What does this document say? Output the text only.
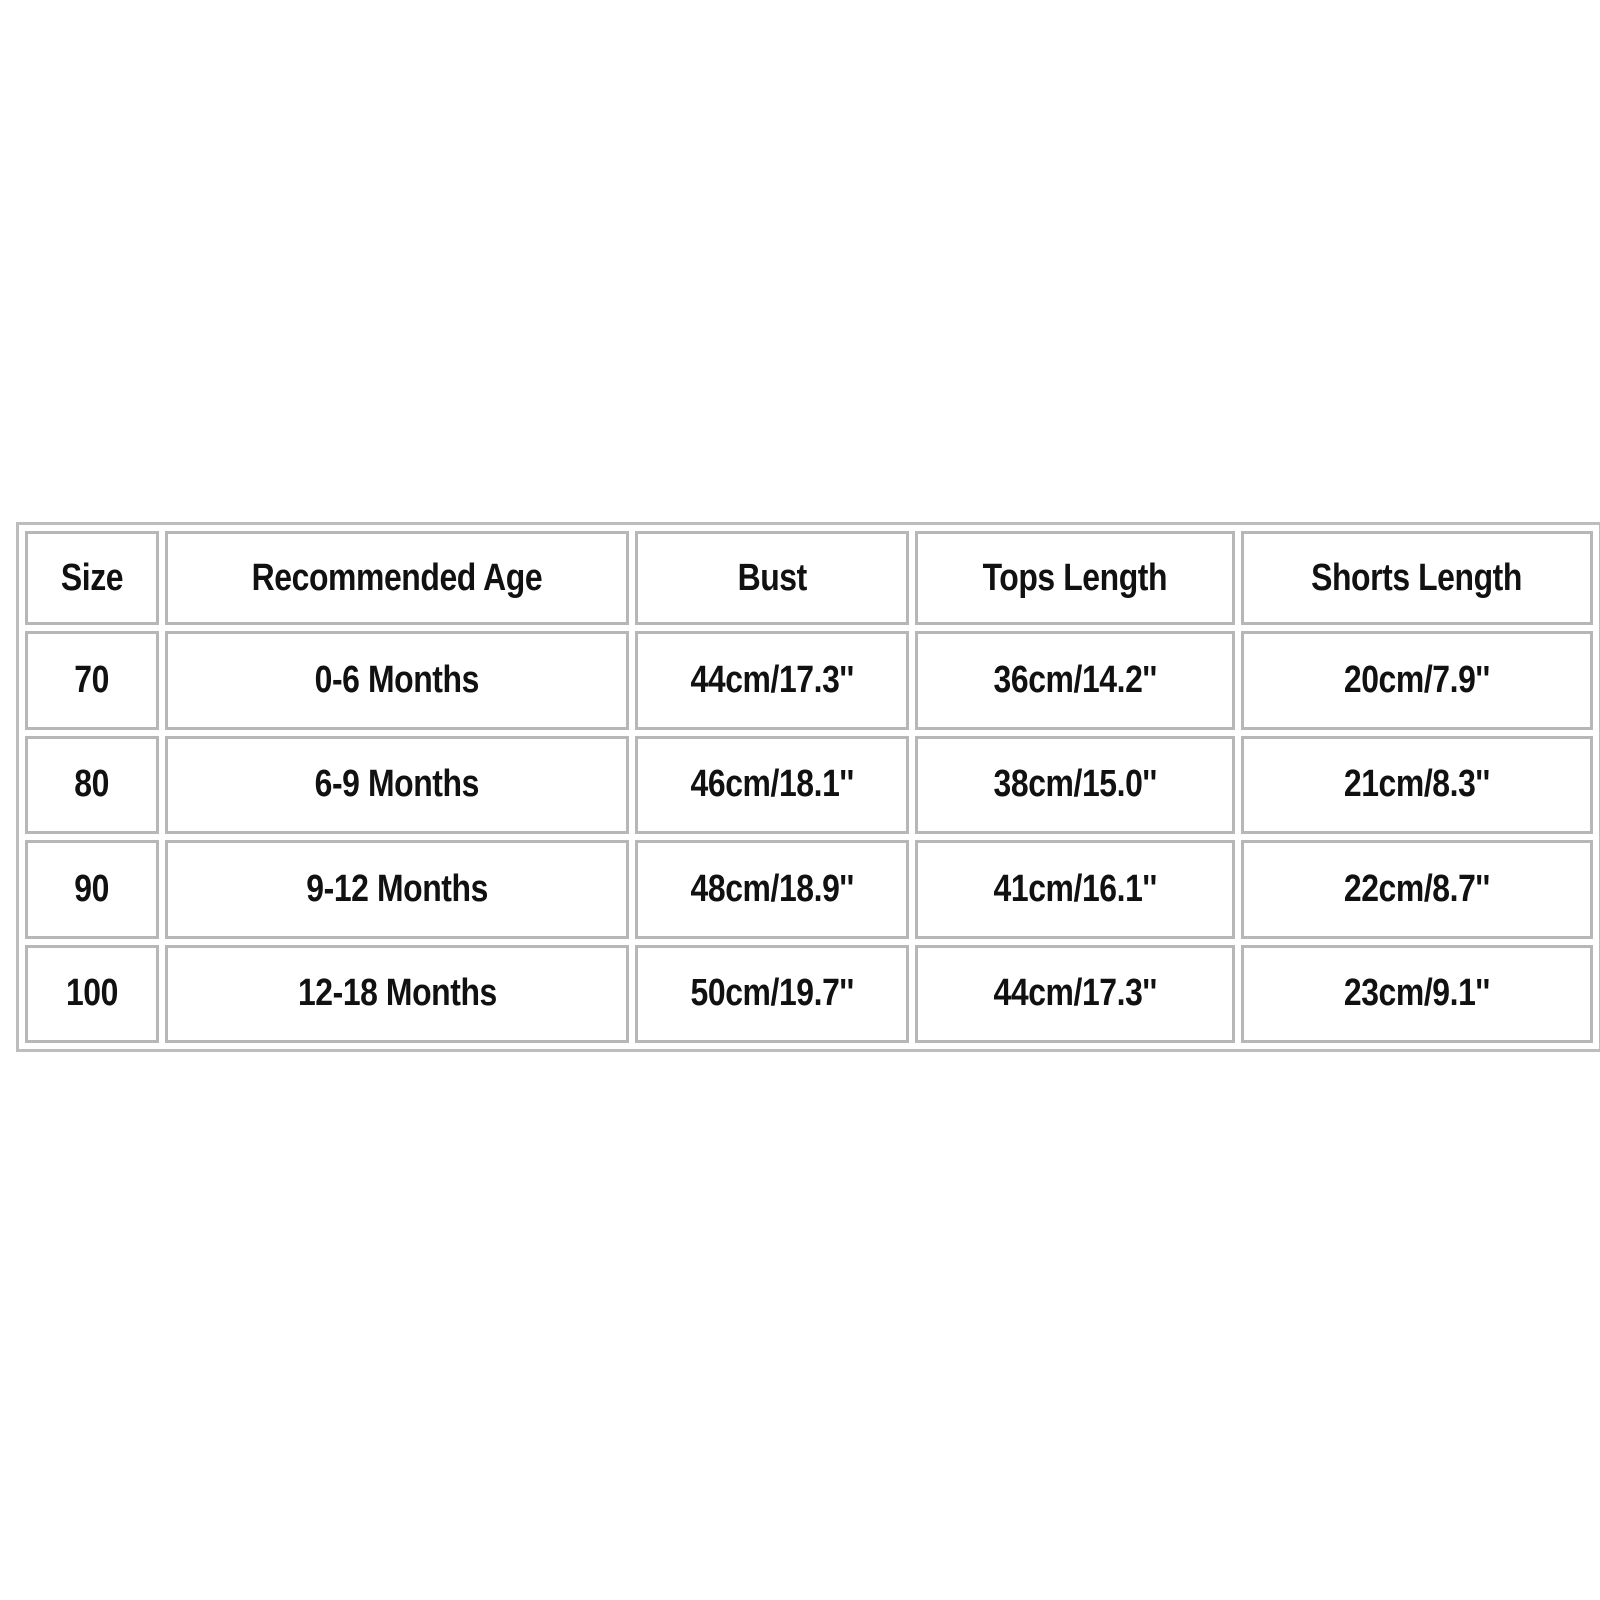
Size	Recommended Age	Bust	Tops Length	Shorts Length
70	0-6 Months	44cm/17.3''	36cm/14.2''	20cm/7.9''
80	6-9 Months	46cm/18.1''	38cm/15.0''	21cm/8.3''
90	9-12 Months	48cm/18.9''	41cm/16.1''	22cm/8.7''
100	12-18 Months	50cm/19.7''	44cm/17.3''	23cm/9.1''
